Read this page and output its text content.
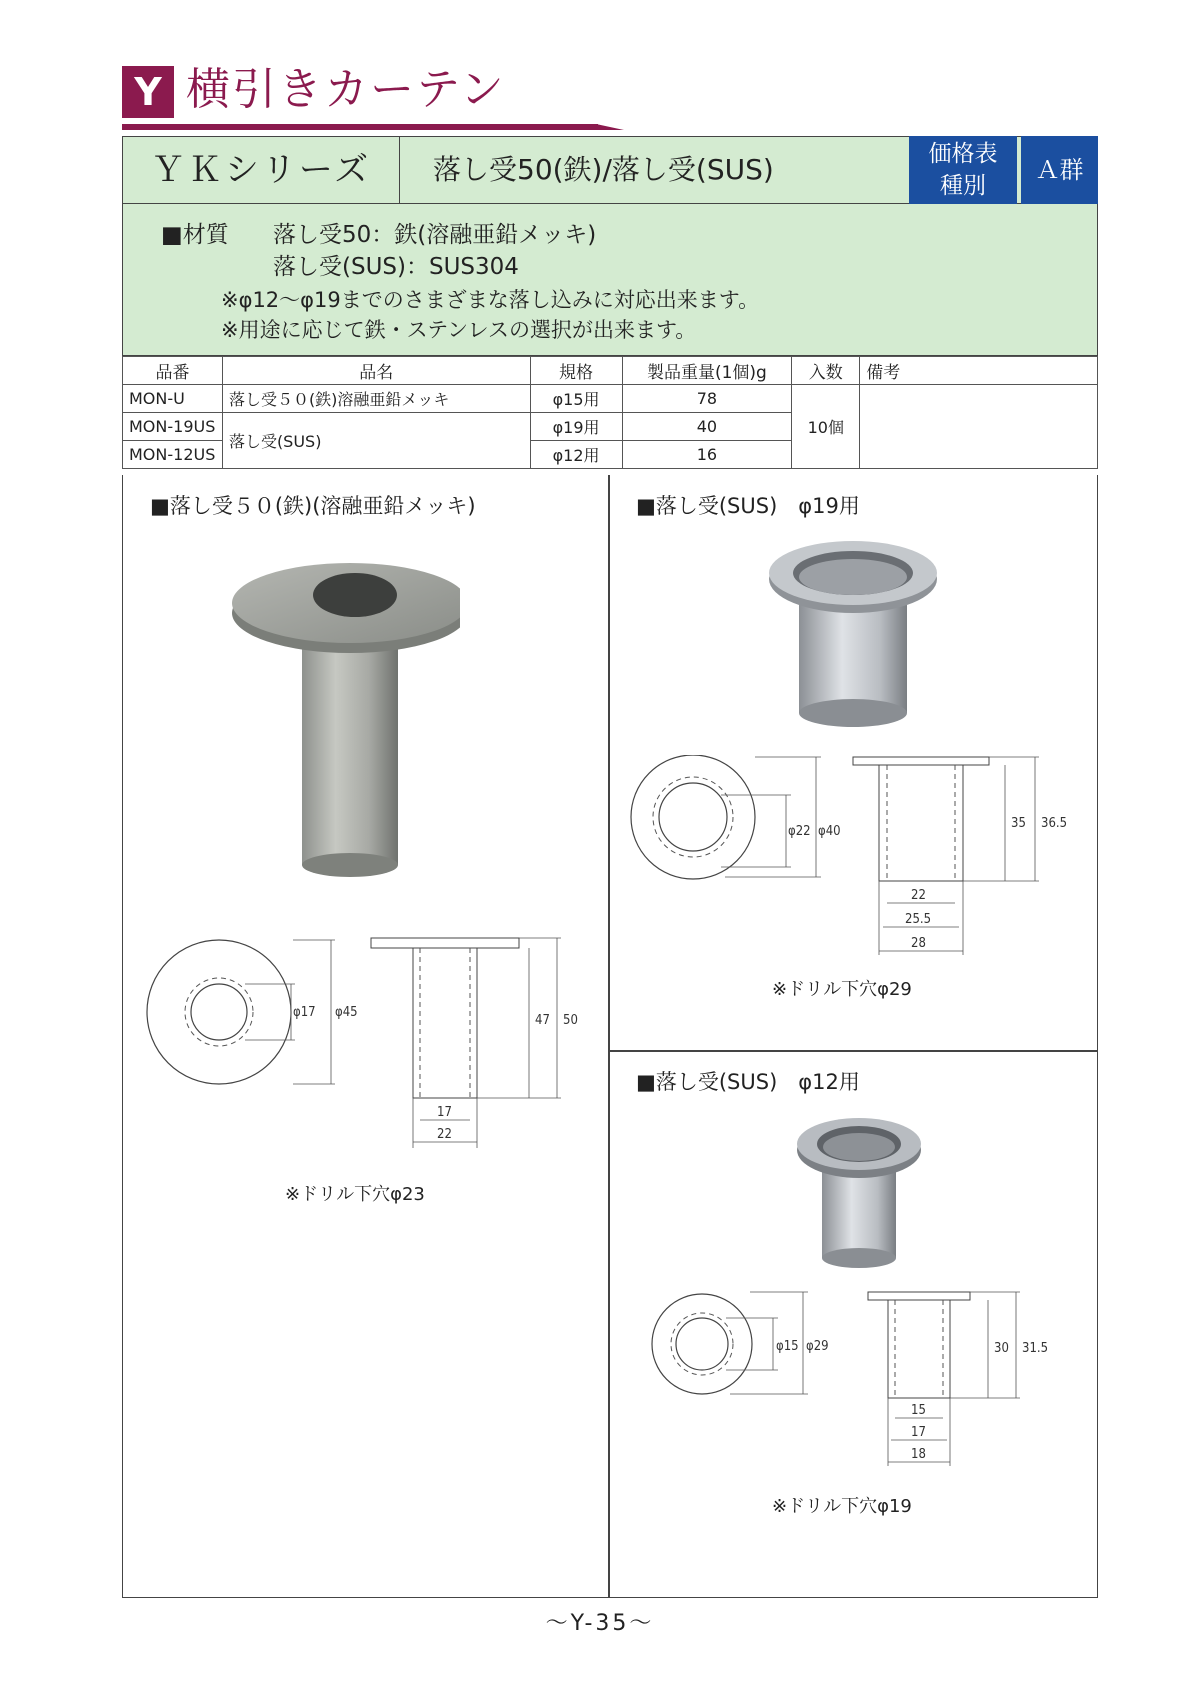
Y 横引きカーテン
ＹＫシリーズ	落し受50(鉄)/落し受(SUS)	価格表
種別
Ａ群
■材質 落し受50：鉄(溶融亜鉛メッキ)
落し受(SUS)：SUS304
※φ12～φ19までのさまざまな落し込みに対応出来ます。
※用途に応じて鉄・ステンレスの選択が出来ます。
品番	品名	規格	製品重量(1個)g	入数	備考
MON-U	落し受５０(鉄)溶融亜鉛メッキ	φ15用	78	10個	
MON-19US	落し受(SUS)	φ19用	40		
MON-12US		φ12用	16		
■落し受５０(鉄)(溶融亜鉛メッキ)
φ17 φ45
47 50
17
22
※ドリル下穴φ23
■落し受(SUS)　φ19用
φ22 φ40
35 36.5
22
25.5
28
※ドリル下穴φ29
■落し受(SUS)　φ12用
φ15 φ29	30 31.5
15
17
18
※ドリル下穴φ19
～Y-35～
